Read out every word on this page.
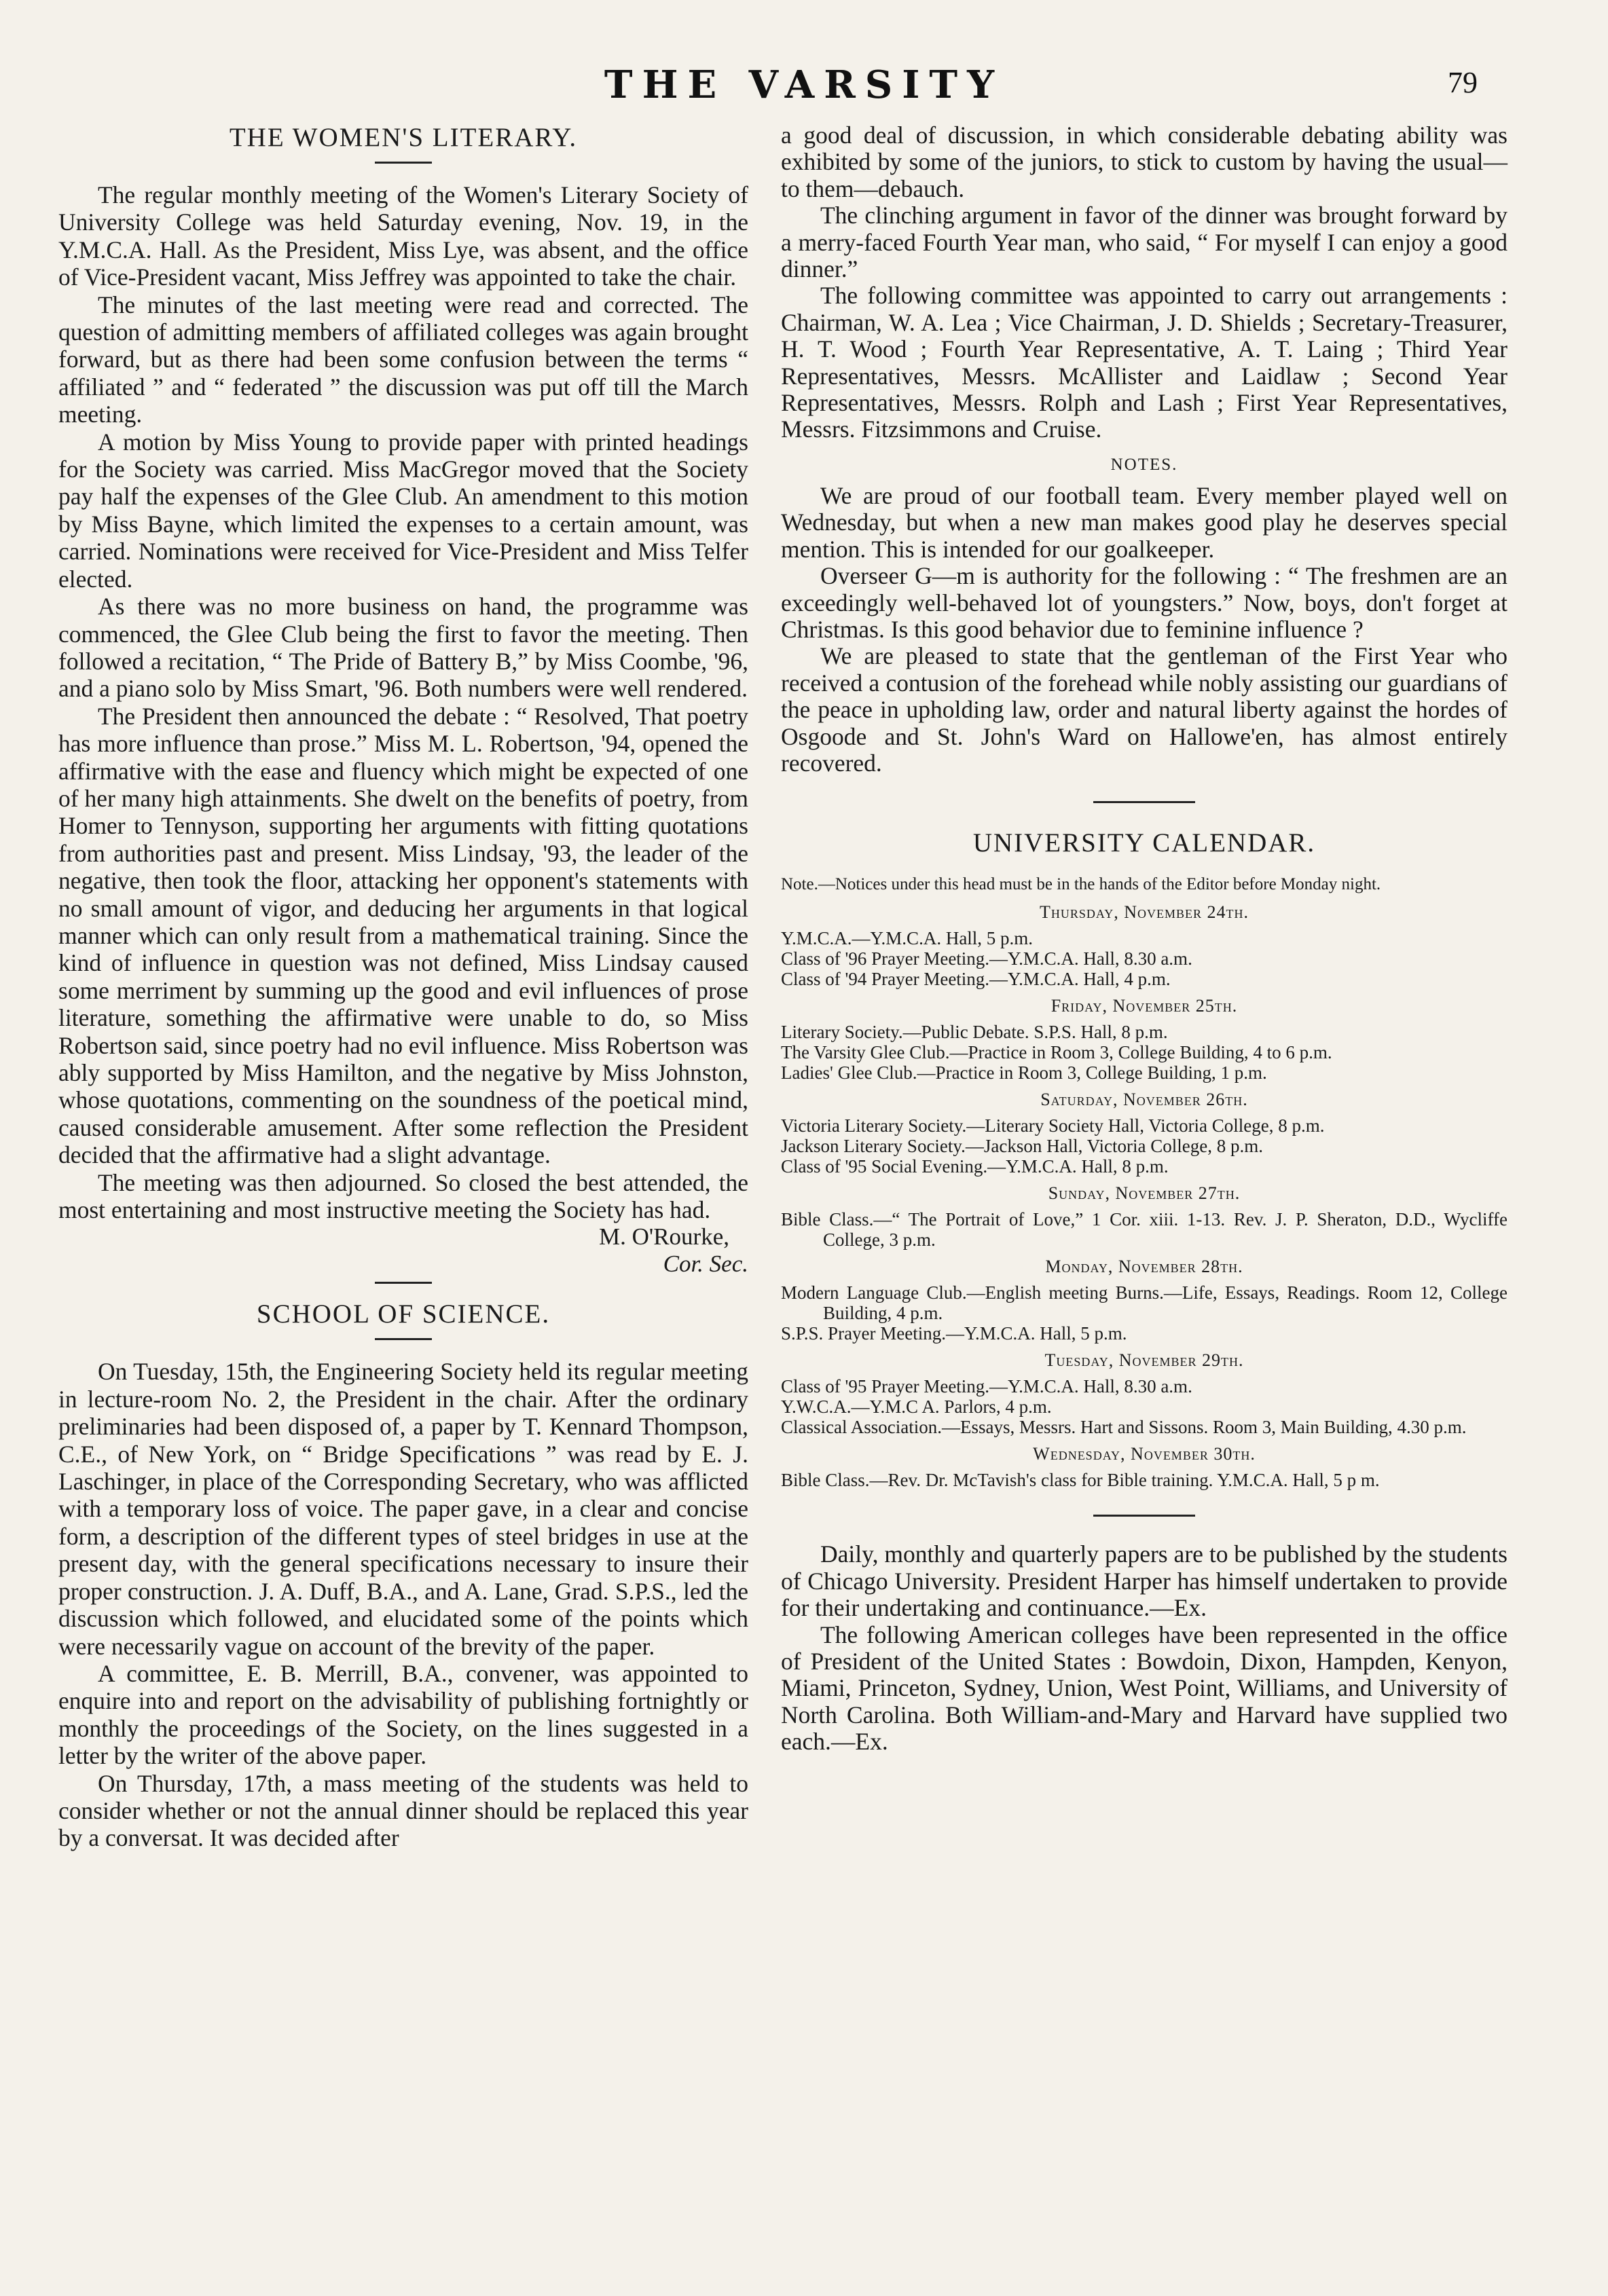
THE VARSITY	79
THE WOMEN'S LITERARY.

The regular monthly meeting of the Women's Literary Society of University College was held Saturday evening, Nov. 19, in the Y.M.C.A. Hall. As the President, Miss Lye, was absent, and the office of Vice-President vacant, Miss Jeffrey was appointed to take the chair.

The minutes of the last meeting were read and corrected. The question of admitting members of affiliated colleges was again brought forward, but as there had been some confusion between the terms “ affiliated ” and “ federated ” the discussion was put off till the March meeting.

A motion by Miss Young to provide paper with printed headings for the Society was carried. Miss MacGregor moved that the Society pay half the expenses of the Glee Club. An amendment to this motion by Miss Bayne, which limited the expenses to a certain amount, was carried. Nominations were received for Vice-President and Miss Telfer elected.

As there was no more business on hand, the programme was commenced, the Glee Club being the first to favor the meeting. Then followed a recitation, “ The Pride of Battery B,” by Miss Coombe, '96, and a piano solo by Miss Smart, '96. Both numbers were well rendered.

The President then announced the debate : “ Resolved, That poetry has more influence than prose.” Miss M. L. Robertson, '94, opened the affirmative with the ease and fluency which might be expected of one of her many high attainments. She dwelt on the benefits of poetry, from Homer to Tennyson, supporting her arguments with fitting quotations from authorities past and present. Miss Lindsay, '93, the leader of the negative, then took the floor, attacking her opponent's statements with no small amount of vigor, and deducing her arguments in that logical manner which can only result from a mathematical training. Since the kind of influence in question was not defined, Miss Lindsay caused some merriment by summing up the good and evil influences of prose literature, something the affirmative were unable to do, so Miss Robertson said, since poetry had no evil influence. Miss Robertson was ably supported by Miss Hamilton, and the negative by Miss Johnston, whose quotations, commenting on the soundness of the poetical mind, caused considerable amusement. After some reflection the President decided that the affirmative had a slight advantage.

The meeting was then adjourned. So closed the best attended, the most entertaining and most instructive meeting the Society has had.

M. O'Rourke,
Cor. Sec.
SCHOOL OF SCIENCE.

On Tuesday, 15th, the Engineering Society held its regular meeting in lecture-room No. 2, the President in the chair. After the ordinary preliminaries had been disposed of, a paper by T. Kennard Thompson, C.E., of New York, on “ Bridge Specifications ” was read by E. J. Laschinger, in place of the Corresponding Secretary, who was afflicted with a temporary loss of voice. The paper gave, in a clear and concise form, a description of the different types of steel bridges in use at the present day, with the general specifications necessary to insure their proper construction. J. A. Duff, B.A., and A. Lane, Grad. S.P.S., led the discussion which followed, and elucidated some of the points which were necessarily vague on account of the brevity of the paper.

A committee, E. B. Merrill, B.A., convener, was appointed to enquire into and report on the advisability of publishing fortnightly or monthly the proceedings of the Society, on the lines suggested in a letter by the writer of the above paper.

On Thursday, 17th, a mass meeting of the students was held to consider whether or not the annual dinner should be replaced this year by a conversat. It was decided after

a good deal of discussion, in which considerable debating ability was exhibited by some of the juniors, to stick to custom by having the usual—to them—debauch.

The clinching argument in favor of the dinner was brought forward by a merry-faced Fourth Year man, who said, “ For myself I can enjoy a good dinner.”

The following committee was appointed to carry out arrangements : Chairman, W. A. Lea ; Vice Chairman, J. D. Shields ; Secretary-Treasurer, H. T. Wood ; Fourth Year Representative, A. T. Laing ; Third Year Representatives, Messrs. McAllister and Laidlaw ; Second Year Representatives, Messrs. Rolph and Lash ; First Year Representatives, Messrs. Fitzsimmons and Cruise.

NOTES.

We are proud of our football team. Every member played well on Wednesday, but when a new man makes good play he deserves special mention. This is intended for our goalkeeper.

Overseer G—m is authority for the following : “ The freshmen are an exceedingly well-behaved lot of youngsters.” Now, boys, don't forget at Christmas. Is this good behavior due to feminine influence ?

We are pleased to state that the gentleman of the First Year who received a contusion of the forehead while nobly assisting our guardians of the peace in upholding law, order and natural liberty against the hordes of Osgoode and St. John's Ward on Hallowe'en, has almost entirely recovered.

UNIVERSITY CALENDAR.
Note.—Notices under this head must be in the hands of the Editor before Monday night.
Thursday, November 24th.
Y.M.C.A.—Y.M.C.A. Hall, 5 p.m.
Class of '96 Prayer Meeting.—Y.M.C.A. Hall, 8.30 a.m.
Class of '94 Prayer Meeting.—Y.M.C.A. Hall, 4 p.m.
Friday, November 25th.
Literary Society.—Public Debate. S.P.S. Hall, 8 p.m.
The Varsity Glee Club.—Practice in Room 3, College Building, 4 to 6 p.m.
Ladies' Glee Club.—Practice in Room 3, College Building, 1 p.m.
Saturday, November 26th.
Victoria Literary Society.—Literary Society Hall, Victoria College, 8 p.m.
Jackson Literary Society.—Jackson Hall, Victoria College, 8 p.m.
Class of '95 Social Evening.—Y.M.C.A. Hall, 8 p.m.
Sunday, November 27th.
Bible Class.—“ The Portrait of Love,” 1 Cor. xiii. 1-13. Rev. J. P. Sheraton, D.D., Wycliffe College, 3 p.m.
Monday, November 28th.
Modern Language Club.—English meeting Burns.—Life, Essays, Readings. Room 12, College Building, 4 p.m.
S.P.S. Prayer Meeting.—Y.M.C.A. Hall, 5 p.m.
Tuesday, November 29th.
Class of '95 Prayer Meeting.—Y.M.C.A. Hall, 8.30 a.m.
Y.W.C.A.—Y.M.C A. Parlors, 4 p.m.
Classical Association.—Essays, Messrs. Hart and Sissons. Room 3, Main Building, 4.30 p.m.
Wednesday, November 30th.
Bible Class.—Rev. Dr. McTavish's class for Bible training. Y.M.C.A. Hall, 5 p m.

Daily, monthly and quarterly papers are to be published by the students of Chicago University. President Harper has himself undertaken to provide for their undertaking and continuance.—Ex.

The following American colleges have been represented in the office of President of the United States : Bowdoin, Dixon, Hampden, Kenyon, Miami, Princeton, Sydney, Union, West Point, Williams, and University of North Carolina. Both William-and-Mary and Harvard have supplied two each.—Ex.
